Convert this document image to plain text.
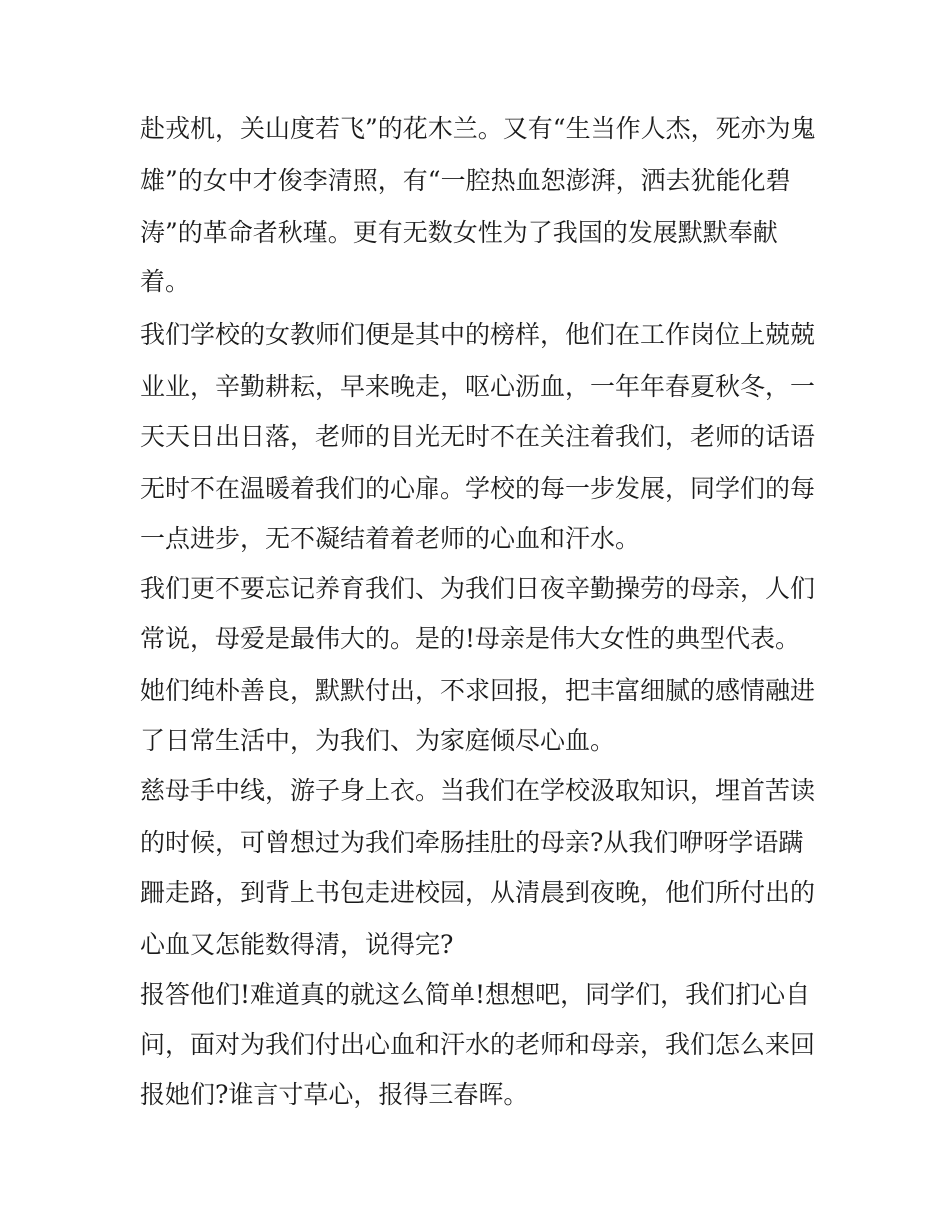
赴戎机，关山度若飞”的花木兰。又有“生当作人杰，死亦为鬼
雄”的女中才俊李清照，有“一腔热血恕澎湃，洒去犹能化碧
涛”的革命者秋瑾。更有无数女性为了我国的发展默默奉献
着。
我们学校的女教师们便是其中的榜样，他们在工作岗位上兢兢
业业，辛勤耕耘，早来晚走，呕心沥血，一年年春夏秋冬，一
天天日出日落，老师的目光无时不在关注着我们，老师的话语
无时不在温暖着我们的心扉。学校的每一步发展，同学们的每
一点进步，无不凝结着着老师的心血和汗水。
我们更不要忘记养育我们、为我们日夜辛勤操劳的母亲，人们
常说，母爱是最伟大的。是的!母亲是伟大女性的典型代表。
她们纯朴善良，默默付出，不求回报，把丰富细腻的感情融进
了日常生活中，为我们、为家庭倾尽心血。
慈母手中线，游子身上衣。当我们在学校汲取知识，埋首苦读
的时候，可曾想过为我们牵肠挂肚的母亲?从我们咿呀学语蹒
跚走路，到背上书包走进校园，从清晨到夜晚，他们所付出的
心血又怎能数得清，说得完?
报答他们!难道真的就这么简单!想想吧，同学们，我们扪心自
问，面对为我们付出心血和汗水的老师和母亲，我们怎么来回
报她们?谁言寸草心，报得三春晖。
